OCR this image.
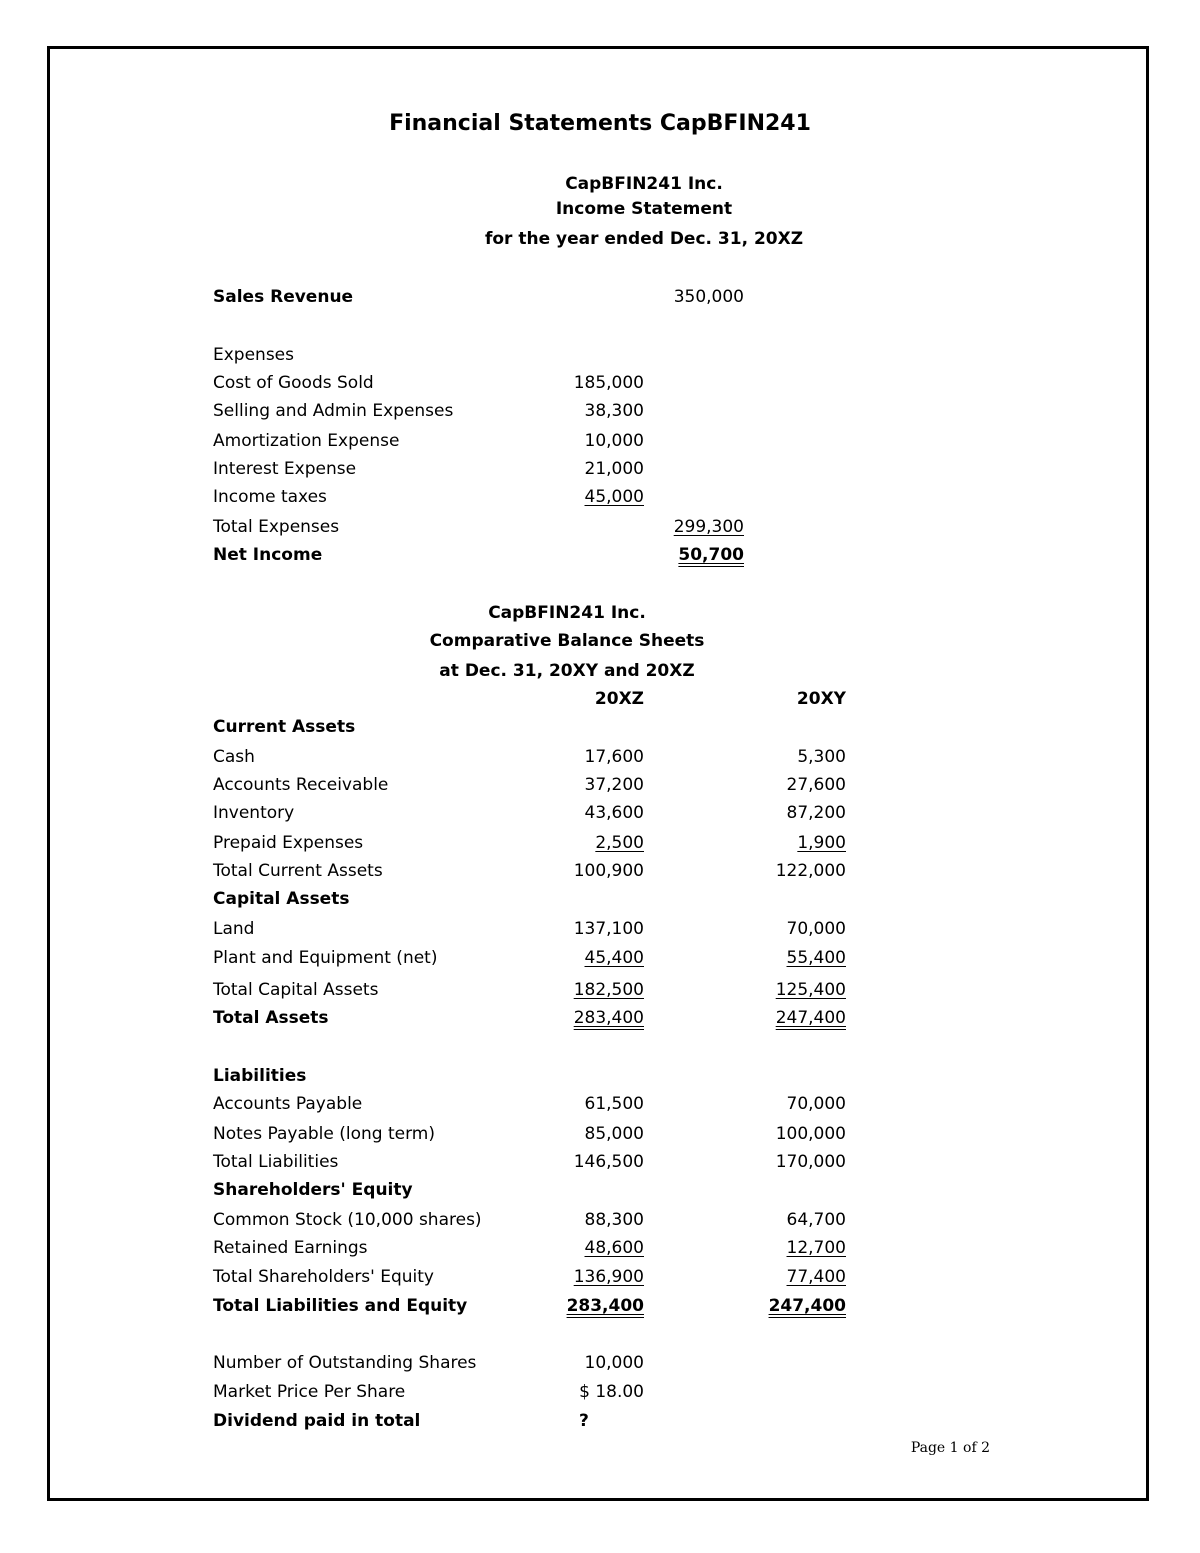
Financial Statements CapBFIN241
CapBFIN241 Inc.
Income Statement
for the year ended Dec. 31, 20XZ
Sales Revenue	350,000
Expenses
Cost of Goods Sold	185,000
Selling and Admin Expenses	38,300
Amortization Expense	10,000
Interest Expense	21,000
Income taxes	45,000
Total Expenses	299,300
Net Income	50,700
CapBFIN241 Inc.
Comparative Balance Sheets
at Dec. 31, 20XY and 20XZ
20XZ	20XY
Current Assets
Cash	17,600	5,300
Accounts Receivable	37,200	27,600
Inventory	43,600	87,200
Prepaid Expenses	2,500	1,900
Total Current Assets	100,900	122,000
Capital Assets
Land	137,100	70,000
Plant and Equipment (net)	45,400	55,400
Total Capital Assets	182,500	125,400
Total Assets	283,400	247,400
Liabilities
Accounts Payable	61,500	70,000
Notes Payable (long term)	85,000	100,000
Total Liabilities	146,500	170,000
Shareholders' Equity
Common Stock (10,000 shares)	88,300	64,700
Retained Earnings	48,600	12,700
Total Shareholders' Equity	136,900	77,400
Total Liabilities and Equity	283,400	247,400
Number of Outstanding Shares	10,000
Market Price Per Share	$ 18.00
Dividend paid in total	?
Page 1 of 2
